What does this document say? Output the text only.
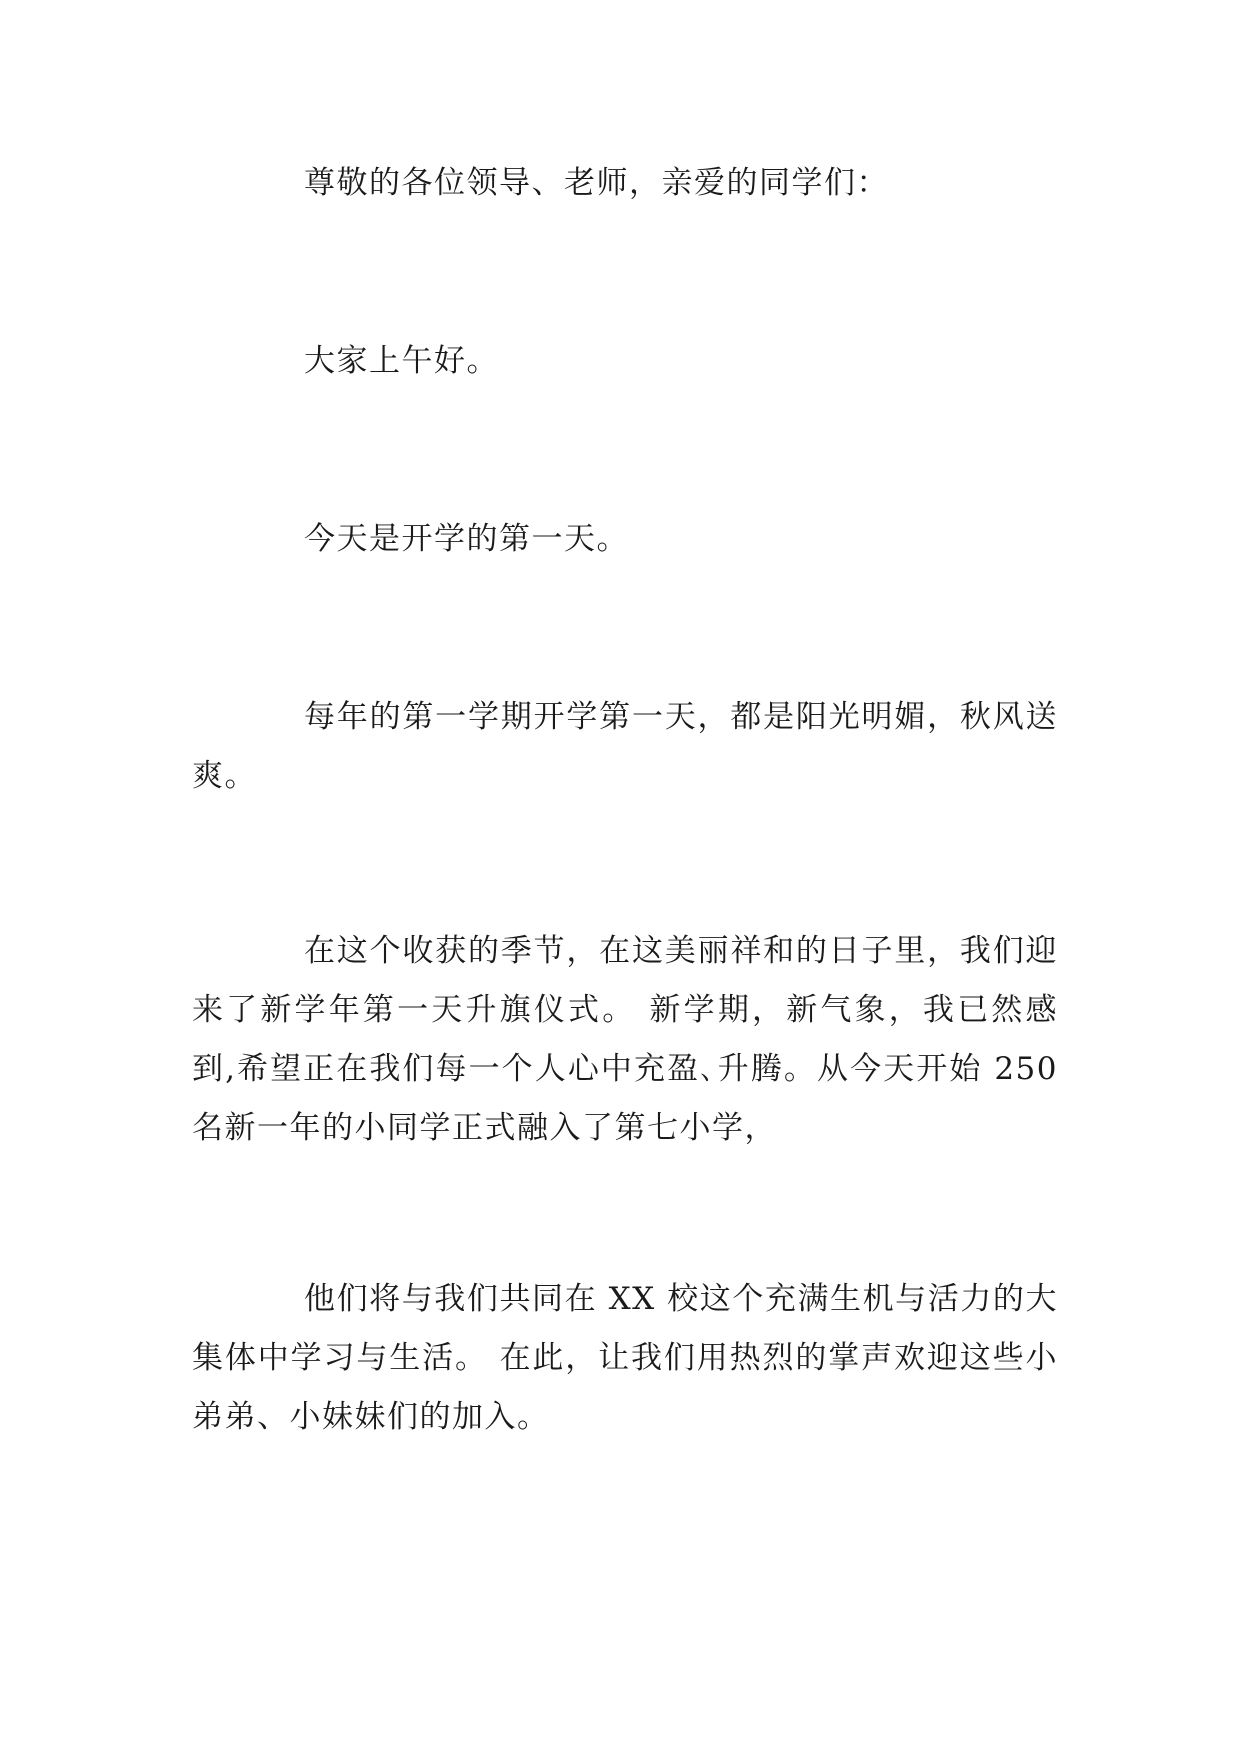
尊敬的各位领导、老师，亲爱的同学们：

大家上午好。

今天是开学的第一天。

每年的第一学期开学第一天，都是阳光明媚，秋风送爽。

在这个收获的季节，在这美丽祥和的日子里，我们迎来了新学年第一天升旗仪式。 新学期，新气象，我已然感到,希望正在我们每一个人心中充盈､升腾。从今天开始 250 名新一年的小同学正式融入了第七小学，

他们将与我们共同在 XX 校这个充满生机与活力的大集体中学习与生活。 在此，让我们用热烈的掌声欢迎这些小弟弟、小妹妹们的加入。
